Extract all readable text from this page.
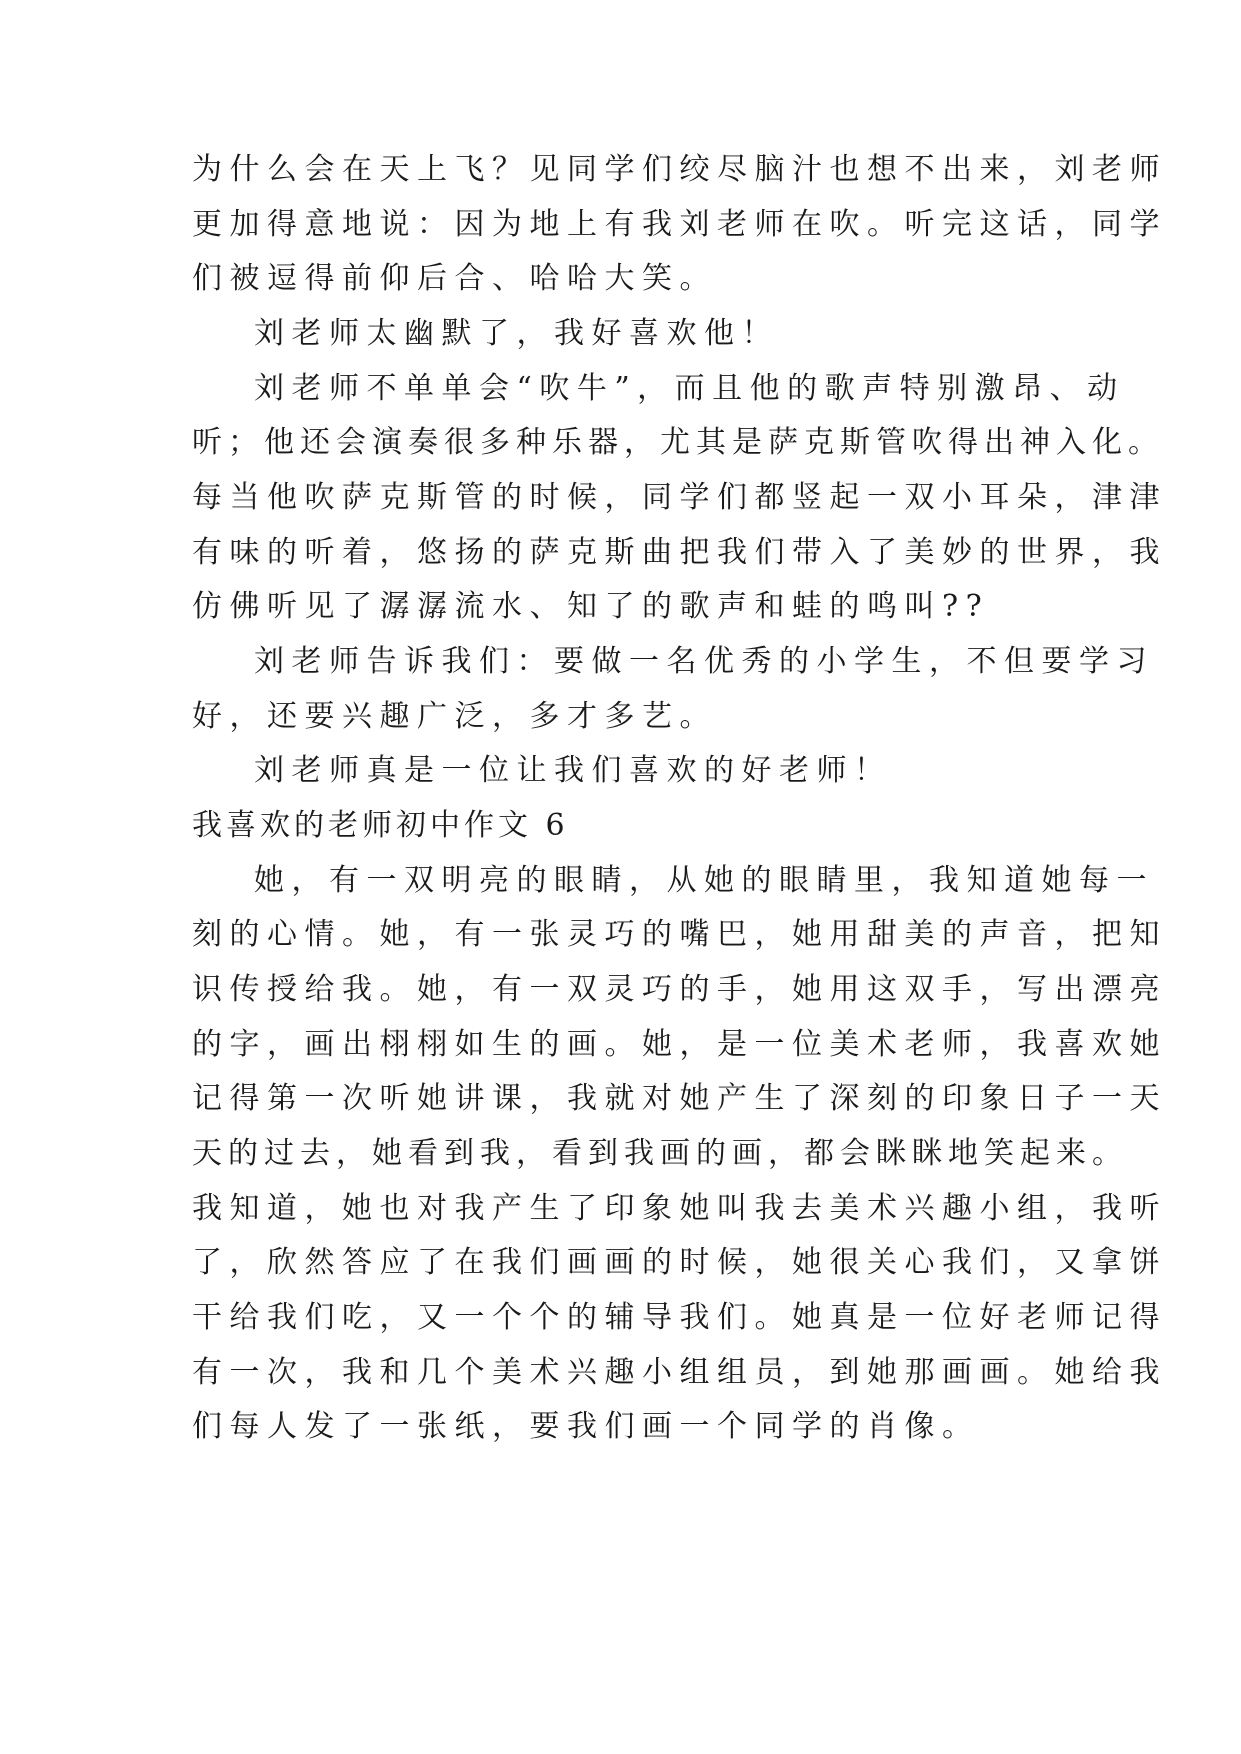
为什么会在天上飞？见同学们绞尽脑汁也想不出来，刘老师
更加得意地说：因为地上有我刘老师在吹。听完这话，同学
们被逗得前仰后合、哈哈大笑。
刘老师太幽默了，我好喜欢他！
刘老师不单单会“吹牛”，而且他的歌声特别激昂、动
听；他还会演奏很多种乐器，尤其是萨克斯管吹得出神入化。
每当他吹萨克斯管的时候，同学们都竖起一双小耳朵，津津
有味的听着，悠扬的萨克斯曲把我们带入了美妙的世界，我
仿佛听见了潺潺流水、知了的歌声和蛙的鸣叫??
刘老师告诉我们：要做一名优秀的小学生，不但要学习
好，还要兴趣广泛，多才多艺。
刘老师真是一位让我们喜欢的好老师！
我喜欢的老师初中作文 6
她，有一双明亮的眼睛，从她的眼睛里，我知道她每一
刻的心情。她，有一张灵巧的嘴巴，她用甜美的声音，把知
识传授给我。她，有一双灵巧的手，她用这双手，写出漂亮
的字，画出栩栩如生的画。她，是一位美术老师，我喜欢她
记得第一次听她讲课，我就对她产生了深刻的印象日子一天
天的过去，她看到我，看到我画的画，都会眯眯地笑起来。
我知道，她也对我产生了印象她叫我去美术兴趣小组，我听
了，欣然答应了在我们画画的时候，她很关心我们，又拿饼
干给我们吃，又一个个的辅导我们。她真是一位好老师记得
有一次，我和几个美术兴趣小组组员，到她那画画。她给我
们每人发了一张纸，要我们画一个同学的肖像。
